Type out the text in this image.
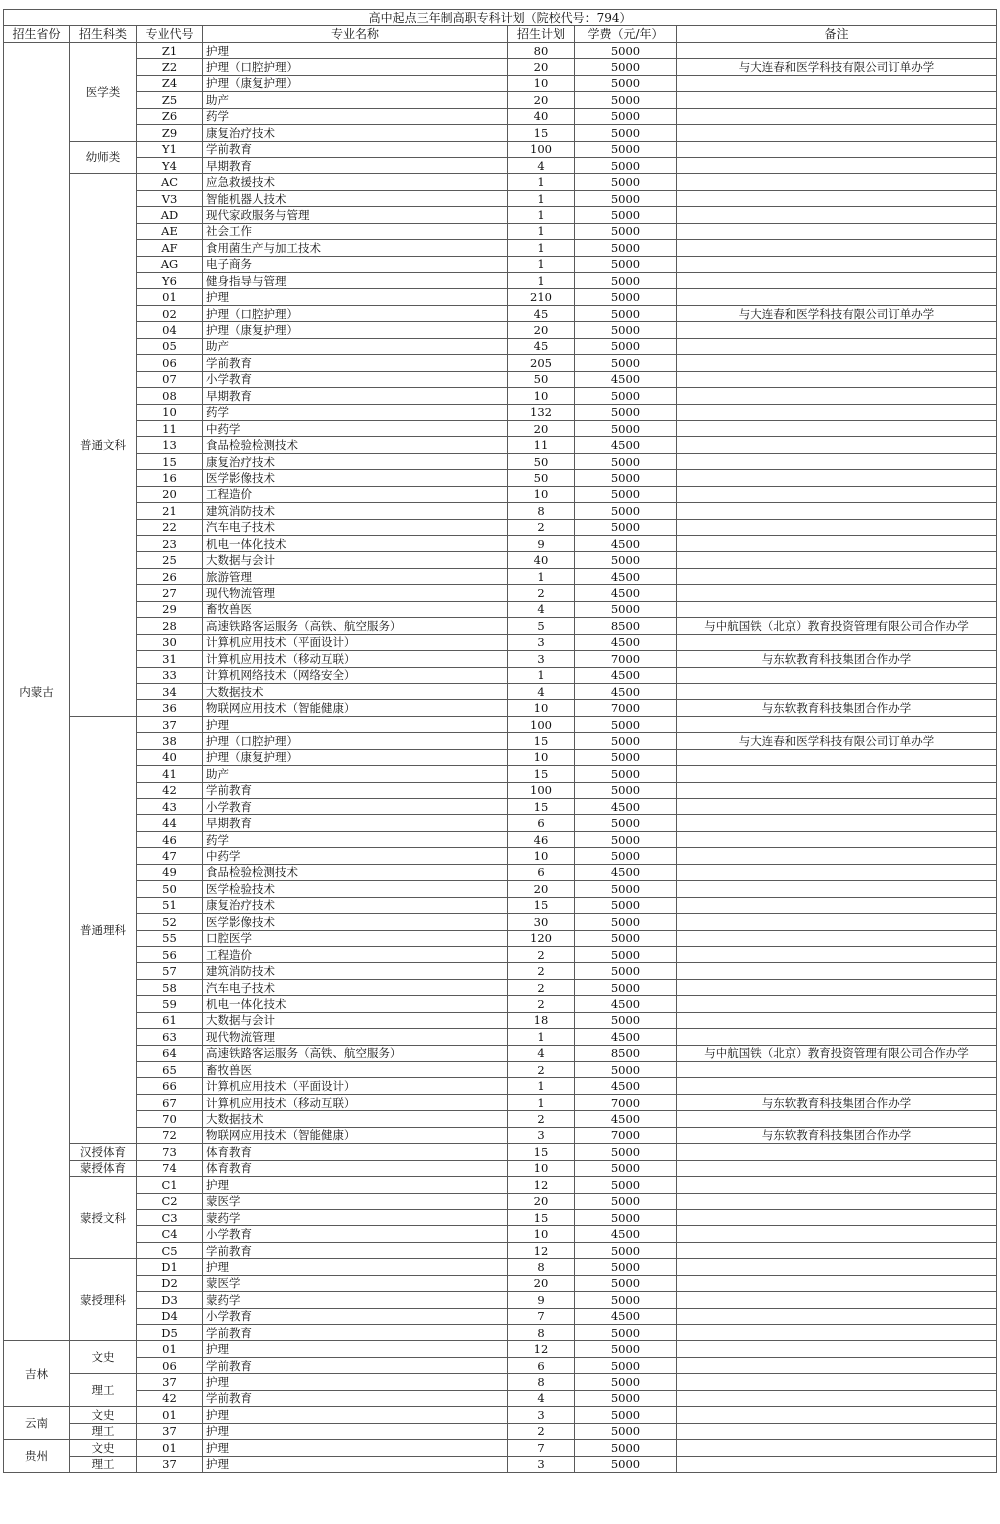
高中起点三年制高职专科计划（院校代号：794）						
招生省份	招生科类	专业代号	专业名称	招生计划	学费（元/年）	备注
内蒙古	医学类	Z1	护理	80	5000	
		Z2	护理（口腔护理）	20	5000	与大连春和医学科技有限公司订单办学
		Z4	护理（康复护理）	10	5000	
		Z5	助产	20	5000	
		Z6	药学	40	5000	
		Z9	康复治疗技术	15	5000	
	幼师类	Y1	学前教育	100	5000	
		Y4	早期教育	4	5000	
	普通文科	AC	应急救援技术	1	5000	
		V3	智能机器人技术	1	5000	
		AD	现代家政服务与管理	1	5000	
		AE	社会工作	1	5000	
		AF	食用菌生产与加工技术	1	5000	
		AG	电子商务	1	5000	
		Y6	健身指导与管理	1	5000	
		01	护理	210	5000	
		02	护理（口腔护理）	45	5000	与大连春和医学科技有限公司订单办学
		04	护理（康复护理）	20	5000	
		05	助产	45	5000	
		06	学前教育	205	5000	
		07	小学教育	50	4500	
		08	早期教育	10	5000	
		10	药学	132	5000	
		11	中药学	20	5000	
		13	食品检验检测技术	11	4500	
		15	康复治疗技术	50	5000	
		16	医学影像技术	50	5000	
		20	工程造价	10	5000	
		21	建筑消防技术	8	5000	
		22	汽车电子技术	2	5000	
		23	机电一体化技术	9	4500	
		25	大数据与会计	40	5000	
		26	旅游管理	1	4500	
		27	现代物流管理	2	4500	
		29	畜牧兽医	4	5000	
		28	高速铁路客运服务（高铁、航空服务）	5	8500	与中航国铁（北京）教育投资管理有限公司合作办学
		30	计算机应用技术（平面设计）	3	4500	
		31	计算机应用技术（移动互联）	3	7000	与东软教育科技集团合作办学
		33	计算机网络技术（网络安全）	1	4500	
		34	大数据技术	4	4500	
		36	物联网应用技术（智能健康）	10	7000	与东软教育科技集团合作办学
	普通理科	37	护理	100	5000	
		38	护理（口腔护理）	15	5000	与大连春和医学科技有限公司订单办学
		40	护理（康复护理）	10	5000	
		41	助产	15	5000	
		42	学前教育	100	5000	
		43	小学教育	15	4500	
		44	早期教育	6	5000	
		46	药学	46	5000	
		47	中药学	10	5000	
		49	食品检验检测技术	6	4500	
		50	医学检验技术	20	5000	
		51	康复治疗技术	15	5000	
		52	医学影像技术	30	5000	
		55	口腔医学	120	5000	
		56	工程造价	2	5000	
		57	建筑消防技术	2	5000	
		58	汽车电子技术	2	5000	
		59	机电一体化技术	2	4500	
		61	大数据与会计	18	5000	
		63	现代物流管理	1	4500	
		64	高速铁路客运服务（高铁、航空服务）	4	8500	与中航国铁（北京）教育投资管理有限公司合作办学
		65	畜牧兽医	2	5000	
		66	计算机应用技术（平面设计）	1	4500	
		67	计算机应用技术（移动互联）	1	7000	与东软教育科技集团合作办学
		70	大数据技术	2	4500	
		72	物联网应用技术（智能健康）	3	7000	与东软教育科技集团合作办学
	汉授体育	73	体育教育	15	5000	
	蒙授体育	74	体育教育	10	5000	
	蒙授文科	C1	护理	12	5000	
		C2	蒙医学	20	5000	
		C3	蒙药学	15	5000	
		C4	小学教育	10	4500	
		C5	学前教育	12	5000	
	蒙授理科	D1	护理	8	5000	
		D2	蒙医学	20	5000	
		D3	蒙药学	9	5000	
		D4	小学教育	7	4500	
		D5	学前教育	8	5000	
吉林	文史	01	护理	12	5000	
		06	学前教育	6	5000	
	理工	37	护理	8	5000	
		42	学前教育	4	5000	
云南	文史	01	护理	3	5000	
	理工	37	护理	2	5000	
贵州	文史	01	护理	7	5000	
	理工	37	护理	3	5000	
